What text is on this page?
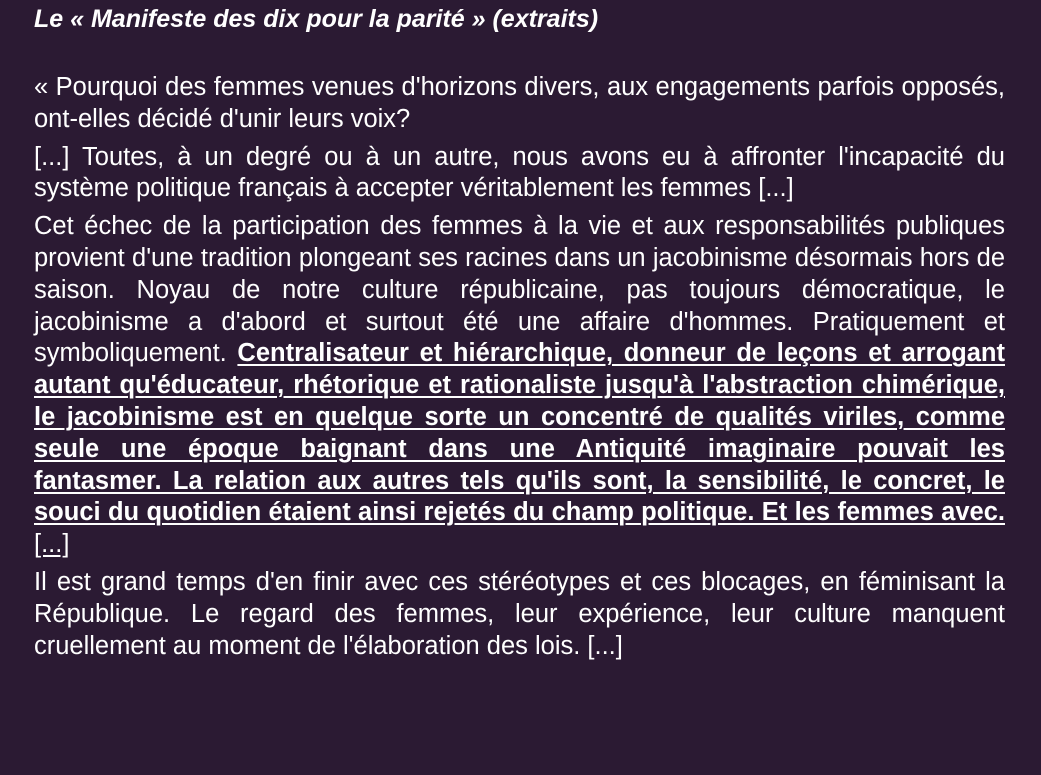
Le « Manifeste des dix pour la parité » (extraits)

« Pourquoi des femmes venues d'horizons divers, aux engagements parfois opposés, ont-elles décidé d'unir leurs voix?

[...] Toutes, à un degré ou à un autre, nous avons eu à affronter l'incapacité du système politique français à accepter véritablement les femmes [...]

Cet échec de la participation des femmes à la vie et aux responsabilités publiques provient d'une tradition plongeant ses racines dans un jacobinisme désormais hors de saison. Noyau de notre culture républicaine, pas toujours démocratique, le jacobinisme a d'abord et surtout été une affaire d'hommes. Pratiquement et symboliquement. Centralisateur et hiérarchique, donneur de leçons et arrogant autant qu'éducateur, rhétorique et rationaliste jusqu'à l'abstraction chimérique, le jacobinisme est en quelque sorte un concentré de qualités viriles, comme seule une époque baignant dans une Antiquité imaginaire pouvait les fantasmer. La relation aux autres tels qu'ils sont, la sensibilité, le concret, le souci du quotidien étaient ainsi rejetés du champ politique. Et les femmes avec. [...]

Il est grand temps d'en finir avec ces stéréotypes et ces blocages, en féminisant la République. Le regard des femmes, leur expérience, leur culture manquent cruellement au moment de l'élaboration des lois. [...]
